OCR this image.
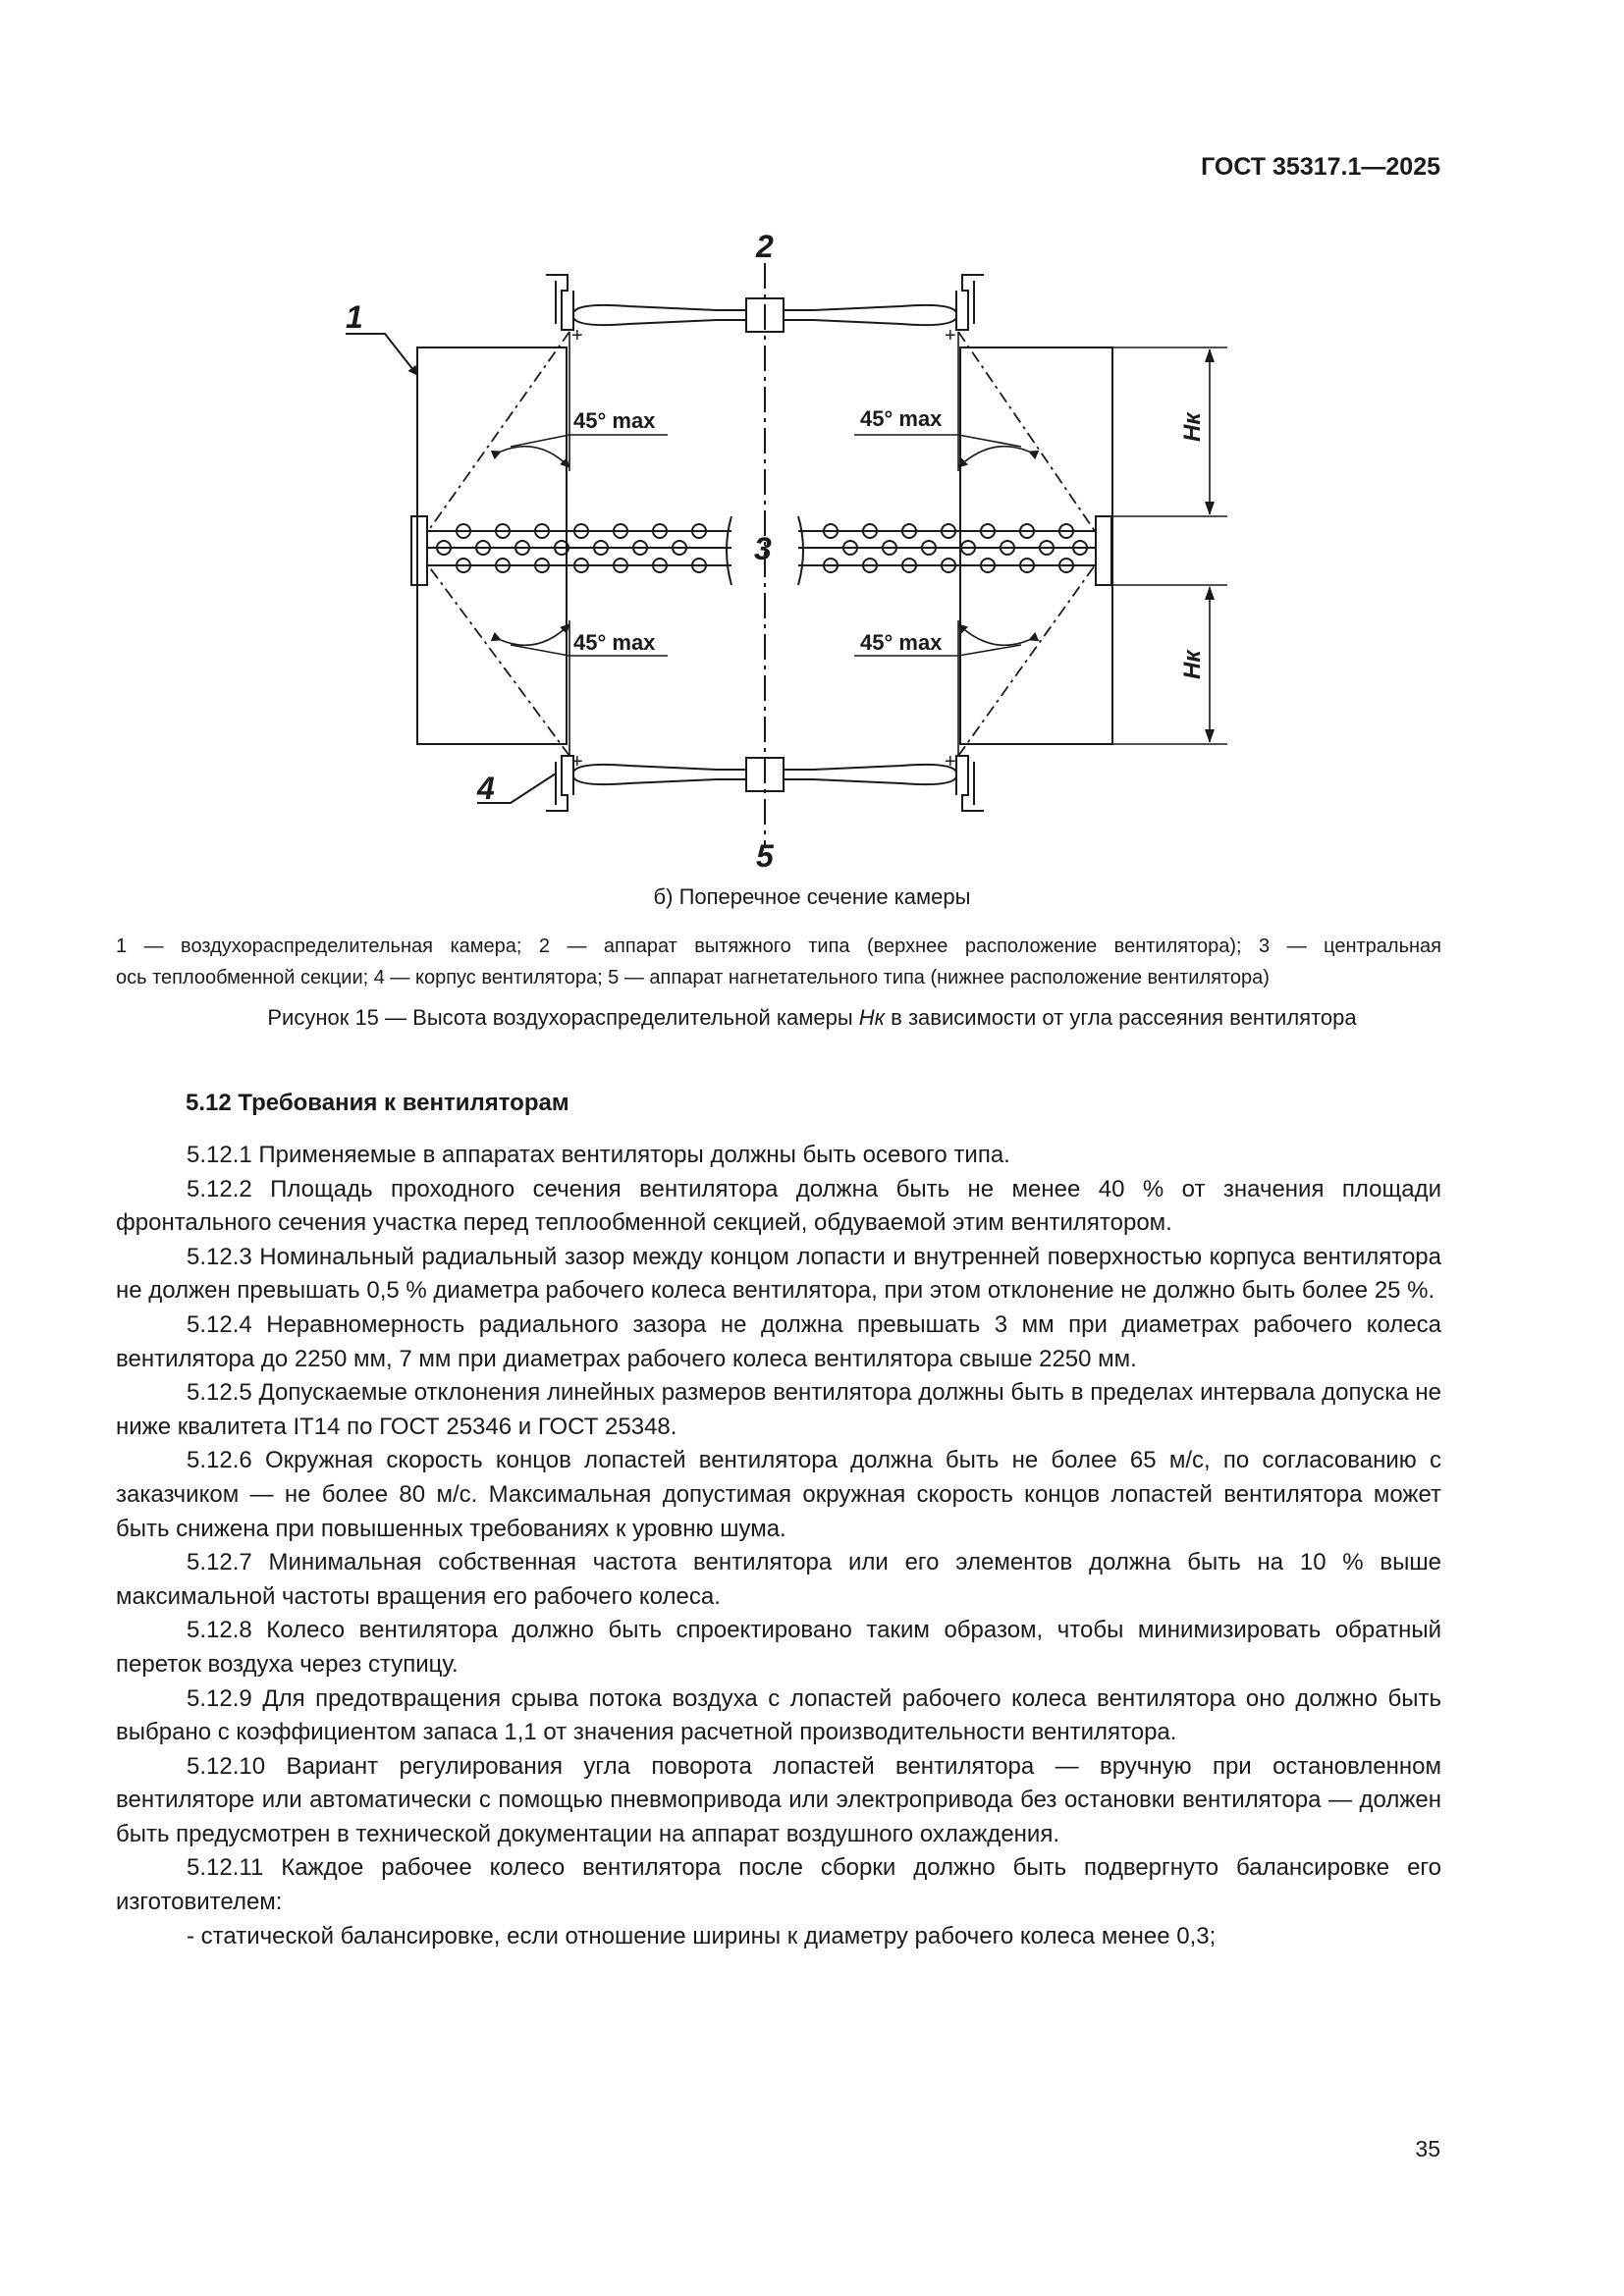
ГОСТ 35317.1—2025
+	+
+	+
1
2
3
4
5
45° max	45° max
45° max	45° max
Hк
Hк
б) Поперечное сечение камеры
1 — воздухораспределительная камера; 2 — аппарат вытяжного типа (верхнее расположение вентилятора); 3 — центральная
ось теплообменной секции; 4 — корпус вентилятора; 5 — аппарат нагнетательного типа (нижнее расположение вентилятора)
Рисунок 15 — Высота воздухораспределительной камеры Hк в зависимости от угла рассеяния вентилятора
5.12 Требования к вентиляторам

5.12.1 Применяемые в аппаратах вентиляторы должны быть осевого типа.

5.12.2 Площадь проходного сечения вентилятора должна быть не менее 40 % от значения площади фронтального сечения участка перед теплообменной секцией, обдуваемой этим вентилятором.

5.12.3 Номинальный радиальный зазор между концом лопасти и внутренней поверхностью корпуса вентилятора не должен превышать 0,5 % диаметра рабочего колеса вентилятора, при этом отклонение не должно быть более 25 %.

5.12.4 Неравномерность радиального зазора не должна превышать 3 мм при диаметрах рабочего колеса вентилятора до 2250 мм, 7 мм при диаметрах рабочего колеса вентилятора свыше 2250 мм.

5.12.5 Допускаемые отклонения линейных размеров вентилятора должны быть в пределах интервала допуска не ниже квалитета IT14 по ГОСТ 25346 и ГОСТ 25348.

5.12.6 Окружная скорость концов лопастей вентилятора должна быть не более 65 м/с, по согласованию с заказчиком — не более 80 м/с. Максимальная допустимая окружная скорость концов лопастей вентилятора может быть снижена при повышенных требованиях к уровню шума.

5.12.7 Минимальная собственная частота вентилятора или его элементов должна быть на 10 % выше максимальной частоты вращения его рабочего колеса.

5.12.8 Колесо вентилятора должно быть спроектировано таким образом, чтобы минимизировать обратный переток воздуха через ступицу.

5.12.9 Для предотвращения срыва потока воздуха с лопастей рабочего колеса вентилятора оно должно быть выбрано с коэффициентом запаса 1,1 от значения расчетной производительности вентилятора.

5.12.10 Вариант регулирования угла поворота лопастей вентилятора — вручную при остановленном вентиляторе или автоматически с помощью пневмопривода или электропривода без остановки вентилятора — должен быть предусмотрен в технической документации на аппарат воздушного охлаждения.

5.12.11 Каждое рабочее колесо вентилятора после сборки должно быть подвергнуто балансировке его изготовителем:

- статической балансировке, если отношение ширины к диаметру рабочего колеса менее 0,3;

35
